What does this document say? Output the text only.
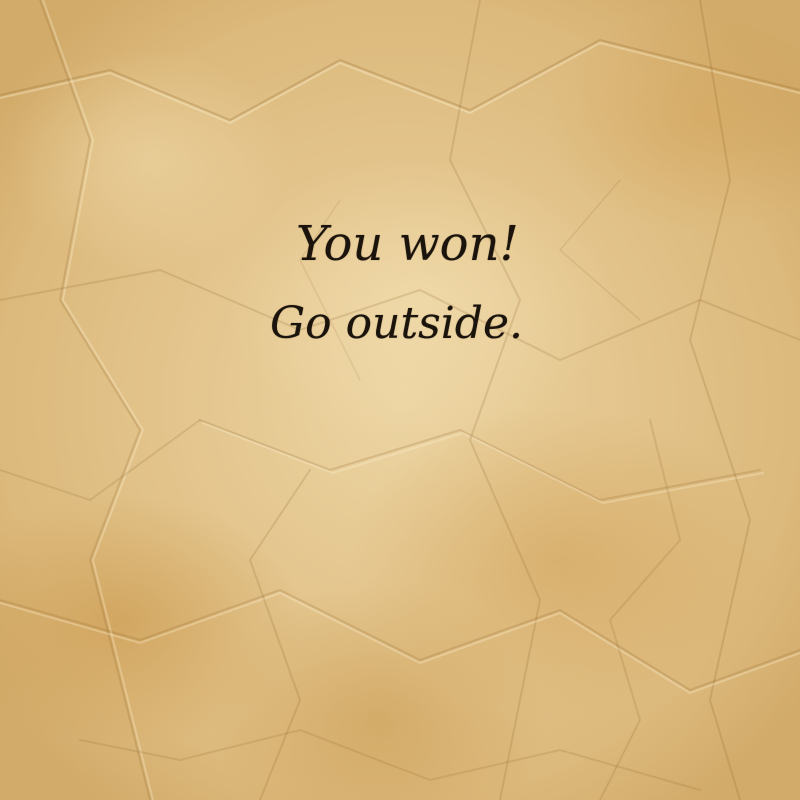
You won!
Go outside.
